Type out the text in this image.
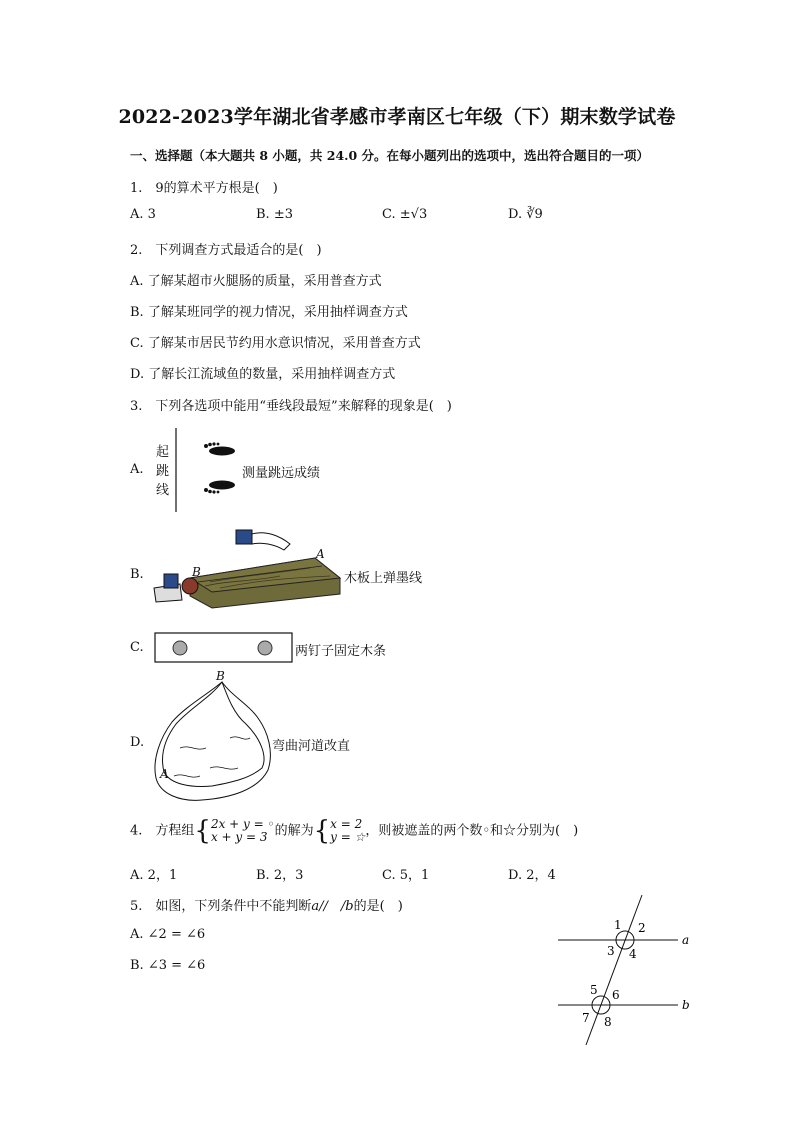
2022-2023学年湖北省孝感市孝南区七年级（下）期末数学试卷
一、选择题（本大题共 8 小题，共 24.0 分。在每小题列出的选项中，选出符合题目的一项）
1.　9的算术平方根是(　)
A. 3	B. ±3	C. ±√3	D. ∛9
2.　下列调查方式最适合的是(　)
A. 了解某超市火腿肠的质量，采用普查方式
B. 了解某班同学的视力情况，采用抽样调查方式
C. 了解某市居民节约用水意识情况，采用普查方式
D. 了解长江流域鱼的数量，采用抽样调查方式
3.　下列各选项中能用“垂线段最短”来解释的现象是(　)
A.
起
跳
线
测量跳远成绩
B.
A
B	木板上弹墨线
C.	两钉子固定木条
D.
B
A
弯曲河道改直
4.　方程组{2x + y = ◦
x + y = 3 的解为{x = 2
y = ☆，则被遮盖的两个数◦和☆分别为(　)
A. 2，1	B. 2，3	C. 5，1	D. 2，4
5.　如图，下列条件中不能判断a//　/b的是(　)
A. ∠2 = ∠6
B. ∠3 = ∠6
1 2
3 4
5 6
7 8
a
b
